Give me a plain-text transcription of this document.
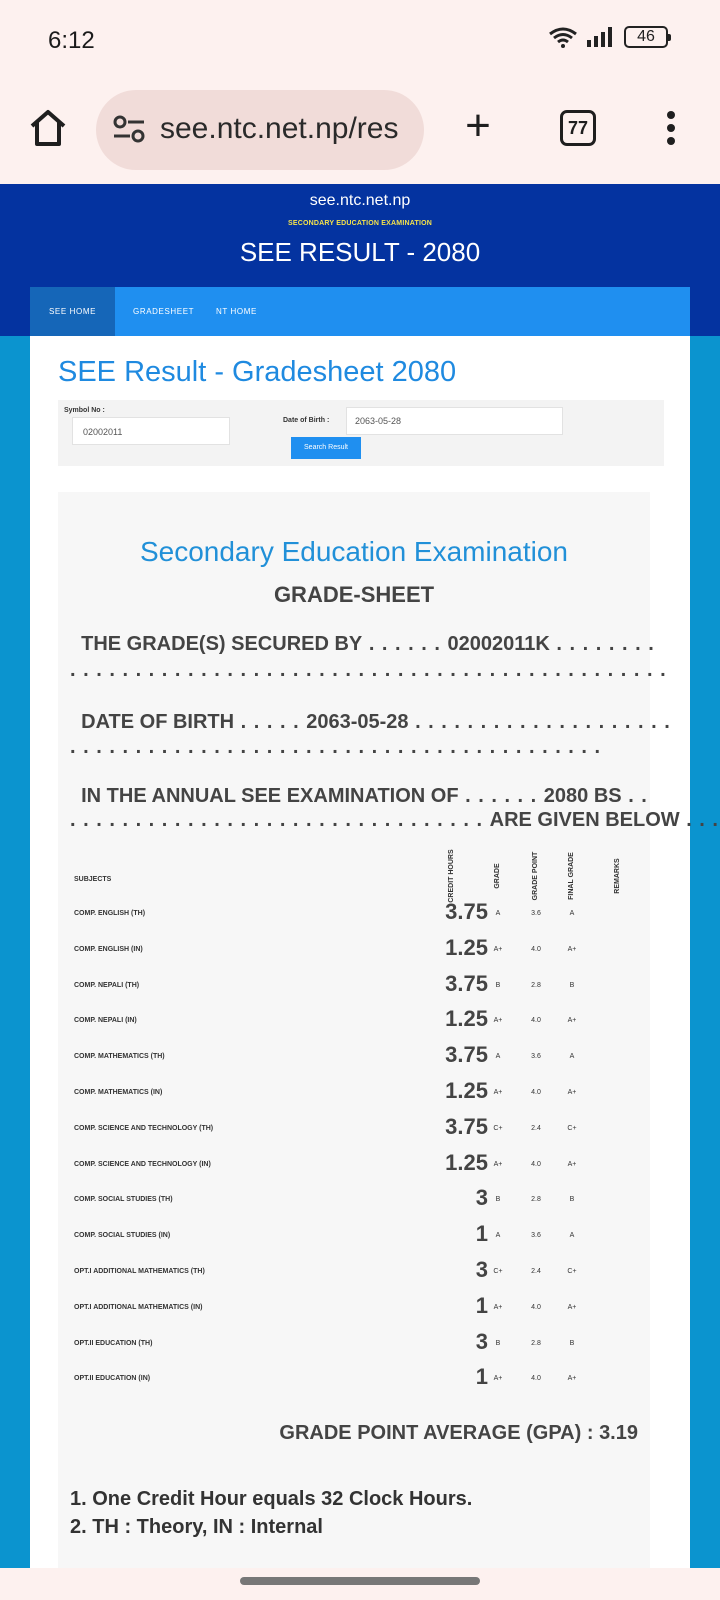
6:12	46
see.ntc.net.np/res +	77
see.ntc.net.np
SECONDARY EDUCATION EXAMINATION
SEE RESULT - 2080
SEE HOME	GRADESHEET	NT HOME
SEE Result - Gradesheet 2080
Symbol No :
02002011
Date of Birth :	2063-05-28
Search Result
Secondary Education Examination
GRADE-SHEET
THE GRADE(S) SECURED BY . . . . . . 02002011K . . . . . . . .
. . . . . . . . . . . . . . . . . . . . . . . . . . . . . . . . . . . . . . . . . . . . . .
DATE OF BIRTH . . . . . 2063-05-28 . . . . . . . . . . . . . . . . . . . .
. . . . . . . . . . . . . . . . . . . . . . . . . . . . . . . . . . . . . . . . .
IN THE ANNUAL SEE EXAMINATION OF . . . . . . 2080 BS . .
. . . . . . . . . . . . . . . . . . . . . . . . . . . . . . . . ARE GIVEN BELOW . . .
SUBJECTS	CREDIT HOURS	GRADE	GRADE POINT	FINAL GRADE	REMARKS
COMP. ENGLISH (TH)	3.75	A	3.6	A
COMP. ENGLISH (IN)	1.25 A+	4.0	A+
COMP. NEPALI (TH)	3.75	B	2.8	B
COMP. NEPALI (IN)	1.25 A+	4.0	A+
COMP. MATHEMATICS (TH)	3.75	A	3.6	A
COMP. MATHEMATICS (IN)	1.25 A+	4.0	A+
COMP. SCIENCE AND TECHNOLOGY (TH)	3.75 C+	2.4	C+
COMP. SCIENCE AND TECHNOLOGY (IN)	1.25 A+	4.0	A+
COMP. SOCIAL STUDIES (TH)	3	B	2.8	B
COMP. SOCIAL STUDIES (IN)	1	A	3.6	A
OPT.I ADDITIONAL MATHEMATICS (TH)	3 C+	2.4	C+
OPT.I ADDITIONAL MATHEMATICS (IN)	1 A+	4.0	A+
OPT.II EDUCATION (TH)	3	B	2.8	B
OPT.II EDUCATION (IN)	1 A+	4.0	A+
GRADE POINT AVERAGE (GPA) : 3.19
1. One Credit Hour equals 32 Clock Hours.
2. TH : Theory, IN : Internal
